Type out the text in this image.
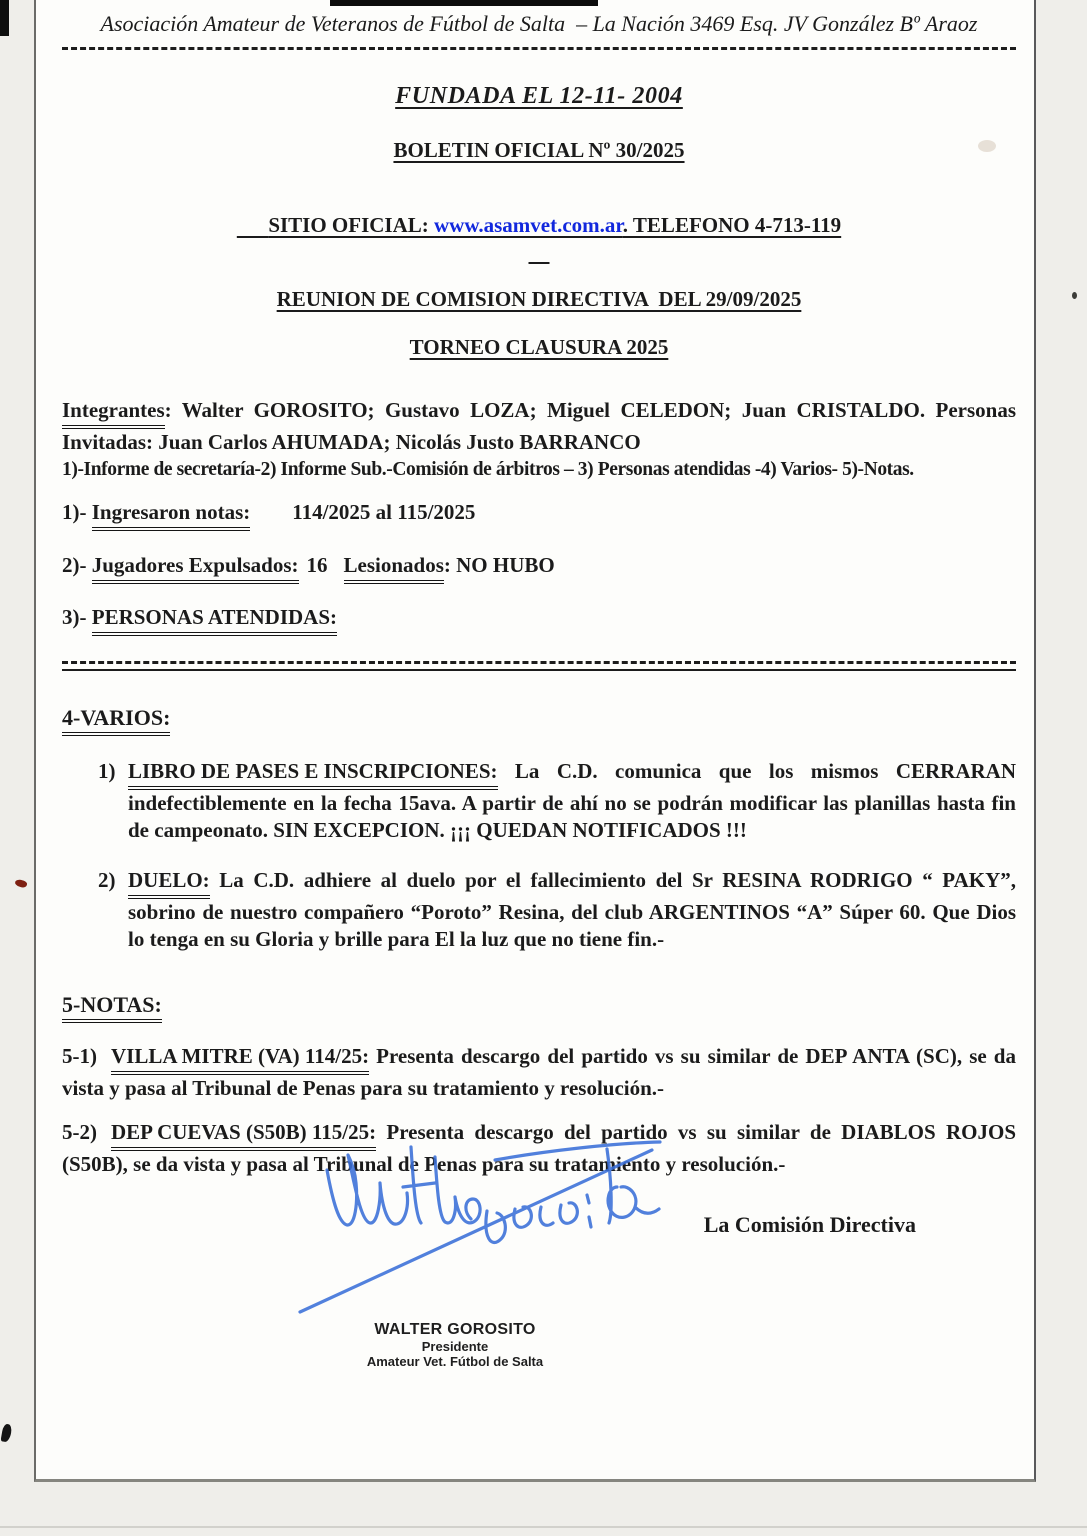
Asociación Amateur de Veteranos de Fútbol de Salta  – La Nación 3469 Esq. JV González Bº Araoz

FUNDADA EL 12-11- 2004

BOLETIN OFICIAL Nº 30/2025

SITIO OFICIAL: www.asamvet.com.ar. TELEFONO 4-713-119

REUNION DE COMISION DIRECTIVA  DEL 29/09/2025

TORNEO CLAUSURA 2025

Integrantes: Walter GOROSITO; Gustavo LOZA; Miguel CELEDON; Juan CRISTALDO. Personas Invitadas: Juan Carlos AHUMADA; Nicolás Justo BARRANCO

1)-Informe de secretaría-2) Informe Sub.-Comisión de árbitros – 3) Personas atendidas -4) Varios- 5)-Notas.

1)- Ingresaron notas: 114/2025 al 115/2025

2)- Jugadores Expulsados: 16 Lesionados: NO HUBO

3)- PERSONAS ATENDIDAS:

4-VARIOS:

1) LIBRO DE PASES E INSCRIPCIONES: La C.D. comunica que los mismos CERRARAN indefectiblemente en la fecha 15ava. A partir de ahí no se podrán modificar las planillas hasta fin de campeonato. SIN EXCEPCION. ¡¡¡ QUEDAN NOTIFICADOS !!!

2) DUELO: La C.D. adhiere al duelo por el fallecimiento del Sr RESINA RODRIGO “ PAKY”, sobrino de nuestro compañero “Poroto” Resina, del club ARGENTINOS “A” Súper 60. Que Dios lo tenga en su Gloria y brille para El la luz que no tiene fin.-

5-NOTAS:

5-1) VILLA MITRE (VA) 114/25: Presenta descargo del partido vs su similar de DEP ANTA (SC), se da vista y pasa al Tribunal de Penas para su tratamiento y resolución.-

5-2) DEP CUEVAS (S50B) 115/25: Presenta descargo del partido vs su similar de DIABLOS ROJOS (S50B), se da vista y pasa al Tribunal de Penas para su tratamiento y resolución.-

La Comisión Directiva

WALTER GOROSITO
Presidente
Amateur Vet. Fútbol de Salta
